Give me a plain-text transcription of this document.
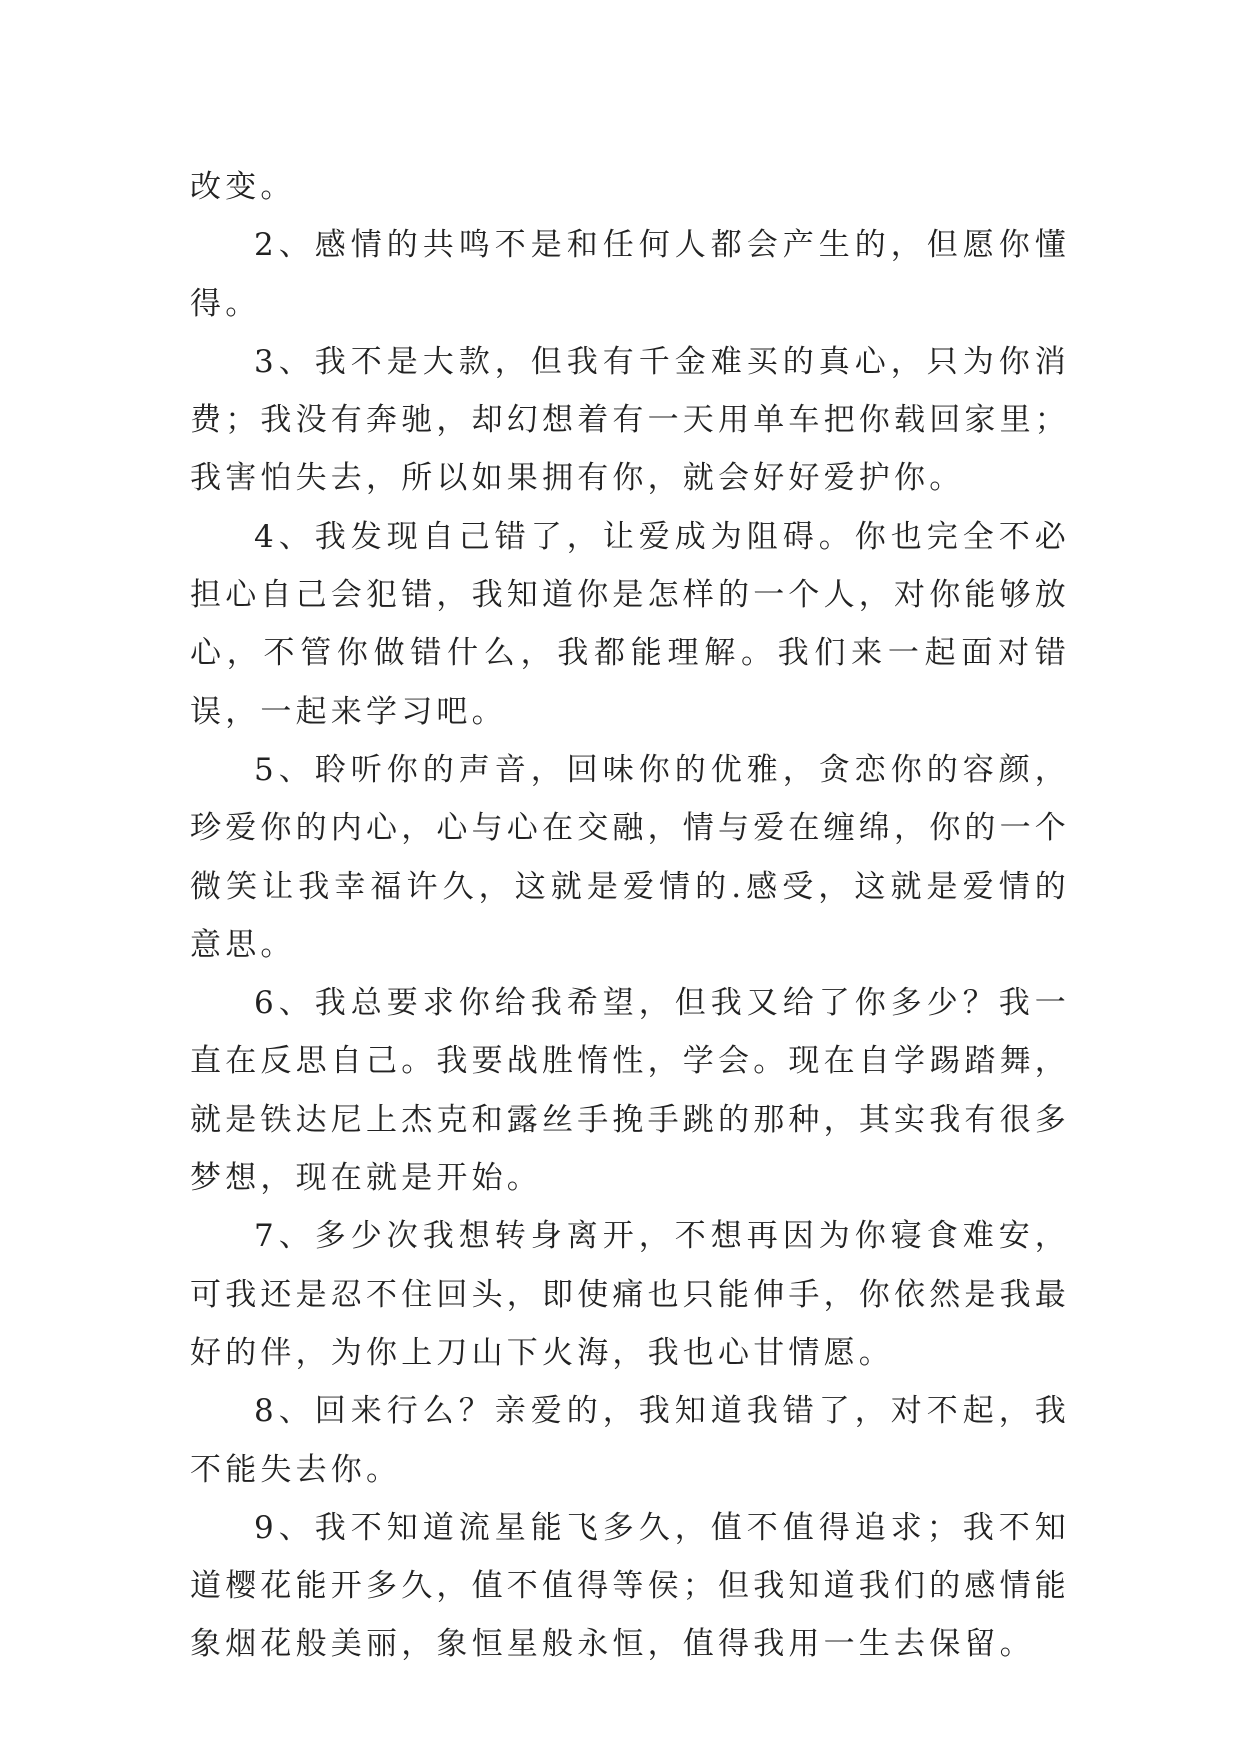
改变。

2、感情的共鸣不是和任何人都会产生的，但愿你懂得。

3、我不是大款，但我有千金难买的真心，只为你消费；我没有奔驰，却幻想着有一天用单车把你载回家里；我害怕失去，所以如果拥有你，就会好好爱护你。

4、我发现自己错了，让爱成为阻碍。你也完全不必担心自己会犯错，我知道你是怎样的一个人，对你能够放心，不管你做错什么，我都能理解。我们来一起面对错误，一起来学习吧。

5、聆听你的声音，回味你的优雅，贪恋你的容颜，珍爱你的内心，心与心在交融，情与爱在缠绵，你的一个微笑让我幸福许久，这就是爱情的.感受，这就是爱情的意思。

6、我总要求你给我希望，但我又给了你多少？我一直在反思自己。我要战胜惰性，学会。现在自学踢踏舞，就是铁达尼上杰克和露丝手挽手跳的那种，其实我有很多梦想，现在就是开始。

7、多少次我想转身离开，不想再因为你寝食难安，可我还是忍不住回头，即使痛也只能伸手，你依然是我最好的伴，为你上刀山下火海，我也心甘情愿。

8、回来行么？亲爱的，我知道我错了，对不起，我不能失去你。

9、我不知道流星能飞多久，值不值得追求；我不知道樱花能开多久，值不值得等侯；但我知道我们的感情能象烟花般美丽，象恒星般永恒，值得我用一生去保留。
